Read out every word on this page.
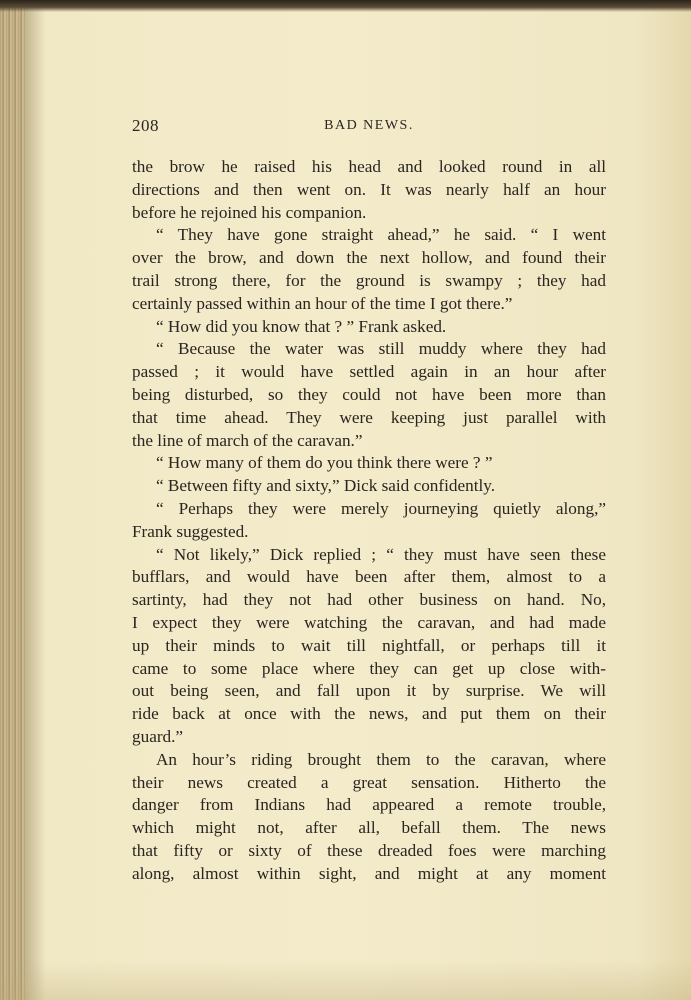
208	BAD NEWS.
the brow he raised his head and looked round in all
directions and then went on. It was nearly half an hour
before he rejoined his companion.
“ They have gone straight ahead,” he said. “ I went
over the brow, and down the next hollow, and found their
trail strong there, for the ground is swampy ; they had
certainly passed within an hour of the time I got there.”
“ How did you know that ? ” Frank asked.
“ Because the water was still muddy where they had
passed ; it would have settled again in an hour after
being disturbed, so they could not have been more than
that time ahead. They were keeping just parallel with
the line of march of the caravan.”
“ How many of them do you think there were ? ”
“ Between fifty and sixty,” Dick said confidently.
“ Perhaps they were merely journeying quietly along,”
Frank suggested.
“ Not likely,” Dick replied ; “ they must have seen these
bufflars, and would have been after them, almost to a
sartinty, had they not had other business on hand. No,
I expect they were watching the caravan, and had made
up their minds to wait till nightfall, or perhaps till it
came to some place where they can get up close with-
out being seen, and fall upon it by surprise. We will
ride back at once with the news, and put them on their
guard.”
An hour’s riding brought them to the caravan, where
their news created a great sensation. Hitherto the
danger from Indians had appeared a remote trouble,
which might not, after all, befall them. The news
that fifty or sixty of these dreaded foes were marching
along, almost within sight, and might at any moment
